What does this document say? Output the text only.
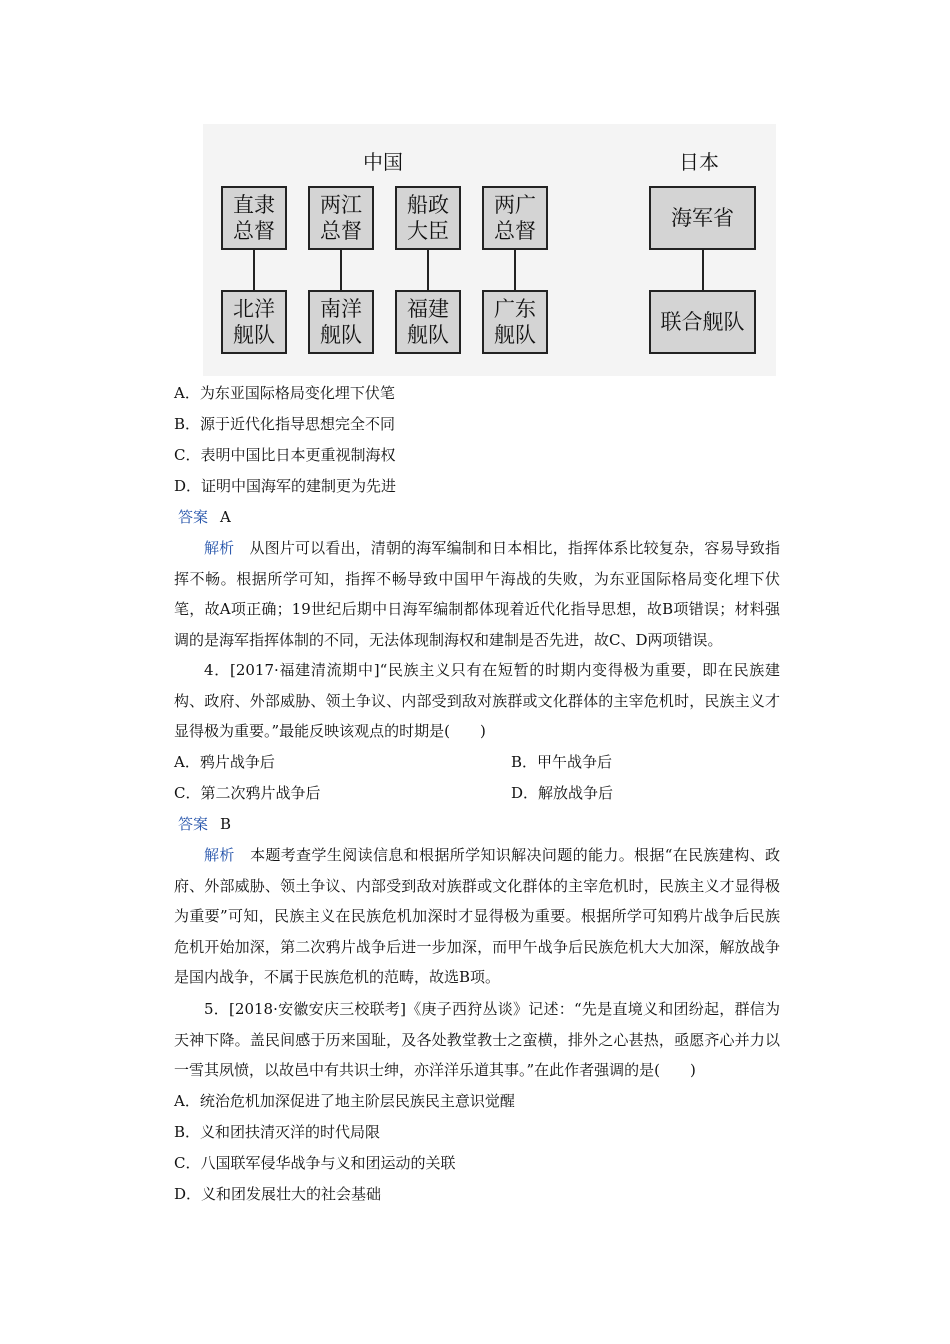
中国	日本
直隶
总督
两江
总督
船政
大臣
两广
总督
北洋
舰队
南洋
舰队
福建
舰队
广东
舰队
海军省
联合舰队
A．为东亚国际格局变化埋下伏笔
B．源于近代化指导思想完全不同
C．表明中国比日本更重视制海权
D．证明中国海军的建制更为先进
答案 A

解析　 从图片可以看出，清朝的海军编制和日本相比，指挥体系比较复杂，容易导致指挥不畅。根据所学可知，指挥不畅导致中国甲午海战的失败，为东亚国际格局变化埋下伏笔，故A项正确；19世纪后期中日海军编制都体现着近代化指导思想，故B项错误；材料强调的是海军指挥体制的不同，无法体现制海权和建制是否先进，故C、D两项错误。

4．[2017·福建清流期中]“民族主义只有在短暂的时期内变得极为重要，即在民族建构、政府、外部威胁、领土争议、内部受到敌对族群或文化群体的主宰危机时，民族主义才显得极为重要。”最能反映该观点的时期是(　　)

A．鸦片战争后	B．甲午战争后
C．第二次鸦片战争后	D．解放战争后
答案 B

解析　 本题考查学生阅读信息和根据所学知识解决问题的能力。根据“在民族建构、政府、外部威胁、领土争议、内部受到敌对族群或文化群体的主宰危机时，民族主义才显得极为重要”可知，民族主义在民族危机加深时才显得极为重要。根据所学可知鸦片战争后民族危机开始加深，第二次鸦片战争后进一步加深，而甲午战争后民族危机大大加深，解放战争是国内战争，不属于民族危机的范畴，故选B项。

5．[2018·安徽安庆三校联考]《庚子西狩丛谈》记述：“先是直境义和团纷起，群信为天神下降。盖民间感于历来国耻，及各处教堂教士之蛮横，排外之心甚热，亟愿齐心并力以一雪其夙愤，以故邑中有共识士绅，亦洋洋乐道其事。”在此作者强调的是(　　)

A．统治危机加深促进了地主阶层民族民主意识觉醒
B．义和团扶清灭洋的时代局限
C．八国联军侵华战争与义和团运动的关联
D．义和团发展壮大的社会基础
